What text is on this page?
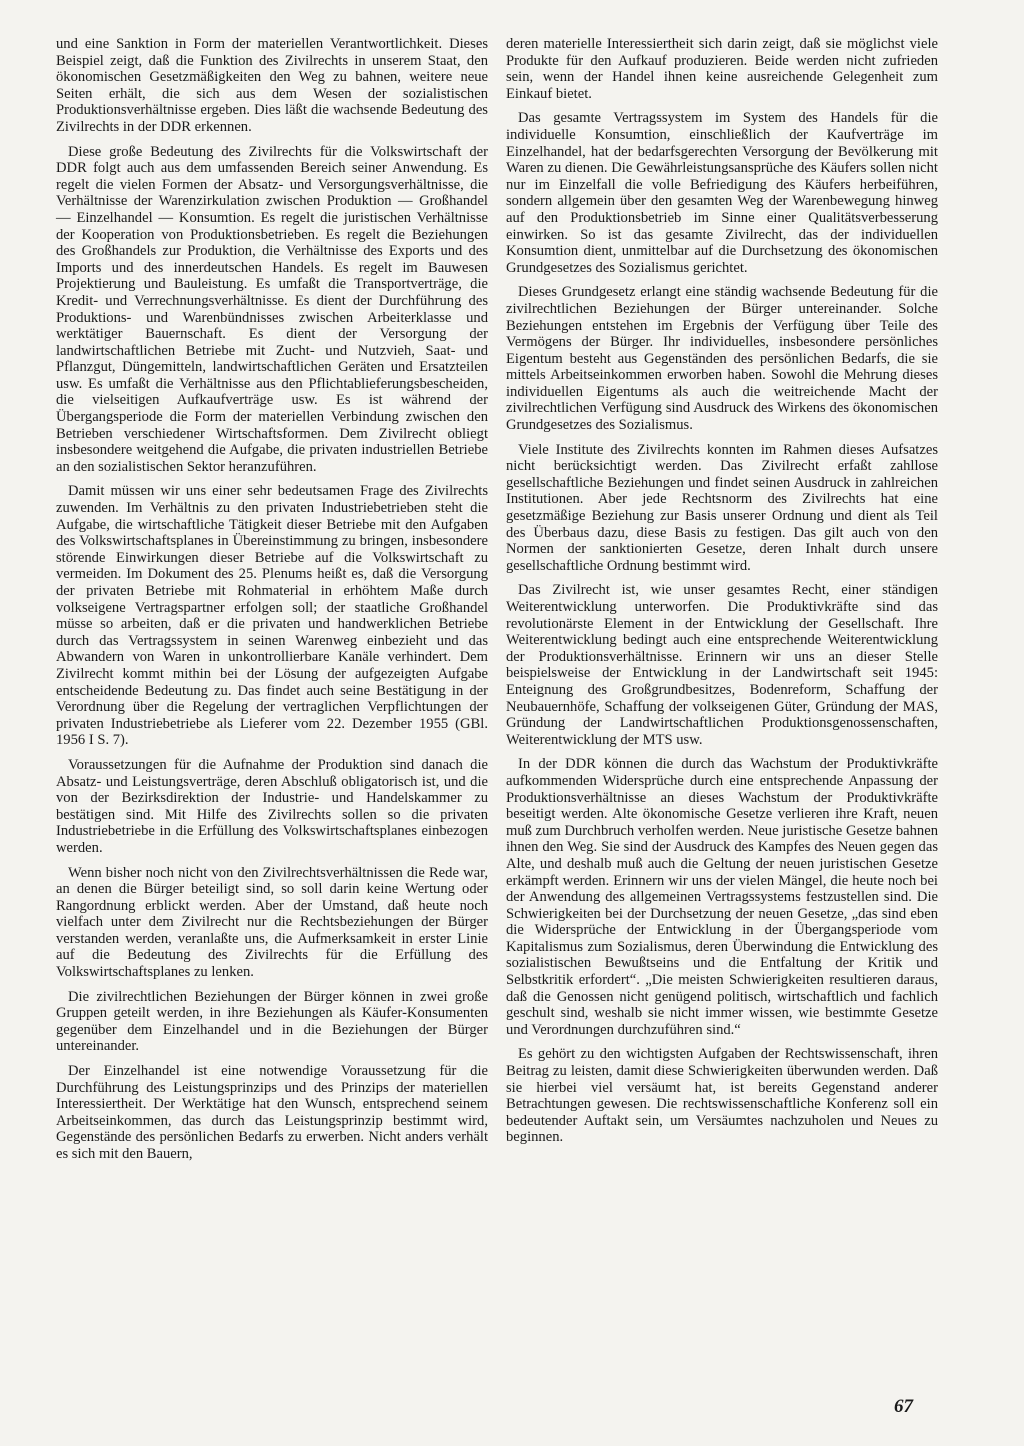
und eine Sanktion in Form der materiellen Verantwortlichkeit. Dieses Beispiel zeigt, daß die Funktion des Zivilrechts in unserem Staat, den ökonomischen Gesetzmäßigkeiten den Weg zu bahnen, weitere neue Seiten erhält, die sich aus dem Wesen der sozialistischen Produktionsverhältnisse ergeben. Dies läßt die wachsende Bedeutung des Zivilrechts in der DDR erkennen.

Diese große Bedeutung des Zivilrechts für die Volkswirtschaft der DDR folgt auch aus dem umfassenden Bereich seiner Anwendung. Es regelt die vielen Formen der Absatz- und Versorgungsverhältnisse, die Verhältnisse der Warenzirkulation zwischen Produktion — Großhandel — Einzelhandel — Konsumtion. Es regelt die juristischen Verhältnisse der Kooperation von Produktionsbetrieben. Es regelt die Beziehungen des Großhandels zur Produktion, die Verhältnisse des Exports und des Imports und des innerdeutschen Handels. Es regelt im Bauwesen Projektierung und Bauleistung. Es umfaßt die Transportverträge, die Kredit- und Verrechnungsverhältnisse. Es dient der Durchführung des Produktions- und Warenbündnisses zwischen Arbeiterklasse und werktätiger Bauernschaft. Es dient der Versorgung der landwirtschaftlichen Betriebe mit Zucht- und Nutzvieh, Saat- und Pflanzgut, Düngemitteln, landwirtschaftlichen Geräten und Ersatzteilen usw. Es umfaßt die Verhältnisse aus den Pflichtablieferungsbescheiden, die vielseitigen Aufkaufverträge usw. Es ist während der Übergangsperiode die Form der materiellen Verbindung zwischen den Betrieben verschiedener Wirtschaftsformen. Dem Zivilrecht obliegt insbesondere weitgehend die Aufgabe, die privaten industriellen Betriebe an den sozialistischen Sektor heranzuführen.

Damit müssen wir uns einer sehr bedeutsamen Frage des Zivilrechts zuwenden. Im Verhältnis zu den privaten Industriebetrieben steht die Aufgabe, die wirtschaftliche Tätigkeit dieser Betriebe mit den Aufgaben des Volkswirtschaftsplanes in Übereinstimmung zu bringen, insbesondere störende Einwirkungen dieser Betriebe auf die Volkswirtschaft zu vermeiden. Im Dokument des 25. Plenums heißt es, daß die Versorgung der privaten Betriebe mit Rohmaterial in erhöhtem Maße durch volkseigene Vertragspartner erfolgen soll; der staatliche Großhandel müsse so arbeiten, daß er die privaten und handwerklichen Betriebe durch das Vertragssystem in seinen Warenweg einbezieht und das Abwandern von Waren in unkontrollierbare Kanäle verhindert. Dem Zivilrecht kommt mithin bei der Lösung der aufgezeigten Aufgabe entscheidende Bedeutung zu. Das findet auch seine Bestätigung in der Verordnung über die Regelung der vertraglichen Verpflichtungen der privaten Industriebetriebe als Lieferer vom 22. Dezember 1955 (GBl. 1956 I S. 7).

Voraussetzungen für die Aufnahme der Produktion sind danach die Absatz- und Leistungsverträge, deren Abschluß obligatorisch ist, und die von der Bezirksdirektion der Industrie- und Handelskammer zu bestätigen sind. Mit Hilfe des Zivilrechts sollen so die privaten Industriebetriebe in die Erfüllung des Volkswirtschaftsplanes einbezogen werden.

Wenn bisher noch nicht von den Zivilrechtsverhältnissen die Rede war, an denen die Bürger beteiligt sind, so soll darin keine Wertung oder Rangordnung erblickt werden. Aber der Umstand, daß heute noch vielfach unter dem Zivilrecht nur die Rechtsbeziehungen der Bürger verstanden werden, veranlaßte uns, die Aufmerksamkeit in erster Linie auf die Bedeutung des Zivilrechts für die Erfüllung des Volkswirtschaftsplanes zu lenken.

Die zivilrechtlichen Beziehungen der Bürger können in zwei große Gruppen geteilt werden, in ihre Beziehungen als Käufer-Konsumenten gegenüber dem Einzelhandel und in die Beziehungen der Bürger untereinander.

Der Einzelhandel ist eine notwendige Voraussetzung für die Durchführung des Leistungsprinzips und des Prinzips der materiellen Interessiertheit. Der Werktätige hat den Wunsch, entsprechend seinem Arbeitseinkommen, das durch das Leistungsprinzip bestimmt wird, Gegenstände des persönlichen Bedarfs zu erwerben. Nicht anders verhält es sich mit den Bauern,

deren materielle Interessiertheit sich darin zeigt, daß sie möglichst viele Produkte für den Aufkauf produzieren. Beide werden nicht zufrieden sein, wenn der Handel ihnen keine ausreichende Gelegenheit zum Einkauf bietet.

Das gesamte Vertragssystem im System des Handels für die individuelle Konsumtion, einschließlich der Kaufverträge im Einzelhandel, hat der bedarfsgerechten Versorgung der Bevölkerung mit Waren zu dienen. Die Gewährleistungsansprüche des Käufers sollen nicht nur im Einzelfall die volle Befriedigung des Käufers herbeiführen, sondern allgemein über den gesamten Weg der Warenbewegung hinweg auf den Produktionsbetrieb im Sinne einer Qualitätsverbesserung einwirken. So ist das gesamte Zivilrecht, das der individuellen Konsumtion dient, unmittelbar auf die Durchsetzung des ökonomischen Grundgesetzes des Sozialismus gerichtet.

Dieses Grundgesetz erlangt eine ständig wachsende Bedeutung für die zivilrechtlichen Beziehungen der Bürger untereinander. Solche Beziehungen entstehen im Ergebnis der Verfügung über Teile des Vermögens der Bürger. Ihr individuelles, insbesondere persönliches Eigentum besteht aus Gegenständen des persönlichen Bedarfs, die sie mittels Arbeitseinkommen erworben haben. Sowohl die Mehrung dieses individuellen Eigentums als auch die weitreichende Macht der zivilrechtlichen Verfügung sind Ausdruck des Wirkens des ökonomischen Grundgesetzes des Sozialismus.

Viele Institute des Zivilrechts konnten im Rahmen dieses Aufsatzes nicht berücksichtigt werden. Das Zivilrecht erfaßt zahllose gesellschaftliche Beziehungen und findet seinen Ausdruck in zahlreichen Institutionen. Aber jede Rechtsnorm des Zivilrechts hat eine gesetzmäßige Beziehung zur Basis unserer Ordnung und dient als Teil des Überbaus dazu, diese Basis zu festigen. Das gilt auch von den Normen der sanktionierten Gesetze, deren Inhalt durch unsere gesellschaftliche Ordnung bestimmt wird.

Das Zivilrecht ist, wie unser gesamtes Recht, einer ständigen Weiterentwicklung unterworfen. Die Produktivkräfte sind das revolutionärste Element in der Entwicklung der Gesellschaft. Ihre Weiterentwicklung bedingt auch eine entsprechende Weiterentwicklung der Produktionsverhältnisse. Erinnern wir uns an dieser Stelle beispielsweise der Entwicklung in der Landwirtschaft seit 1945: Enteignung des Großgrundbesitzes, Bodenreform, Schaffung der Neubauernhöfe, Schaffung der volkseigenen Güter, Gründung der MAS, Gründung der Landwirtschaftlichen Produktionsgenossenschaften, Weiterentwicklung der MTS usw.

In der DDR können die durch das Wachstum der Produktivkräfte aufkommenden Widersprüche durch eine entsprechende Anpassung der Produktionsverhältnisse an dieses Wachstum der Produktivkräfte beseitigt werden. Alte ökonomische Gesetze verlieren ihre Kraft, neuen muß zum Durchbruch verholfen werden. Neue juristische Gesetze bahnen ihnen den Weg. Sie sind der Ausdruck des Kampfes des Neuen gegen das Alte, und deshalb muß auch die Geltung der neuen juristischen Gesetze erkämpft werden. Erinnern wir uns der vielen Mängel, die heute noch bei der Anwendung des allgemeinen Vertragssystems festzustellen sind. Die Schwierigkeiten bei der Durchsetzung der neuen Gesetze, „das sind eben die Widersprüche der Entwicklung in der Übergangsperiode vom Kapitalismus zum Sozialismus, deren Überwindung die Entwicklung des sozialistischen Bewußtseins und die Entfaltung der Kritik und Selbstkritik erfordert“. „Die meisten Schwierigkeiten resultieren daraus, daß die Genossen nicht genügend politisch, wirtschaftlich und fachlich geschult sind, weshalb sie nicht immer wissen, wie bestimmte Gesetze und Verordnungen durchzuführen sind.“

Es gehört zu den wichtigsten Aufgaben der Rechtswissenschaft, ihren Beitrag zu leisten, damit diese Schwierigkeiten überwunden werden. Daß sie hierbei viel versäumt hat, ist bereits Gegenstand anderer Betrachtungen gewesen. Die rechtswissenschaftliche Konferenz soll ein bedeutender Auftakt sein, um Versäumtes nachzuholen und Neues zu beginnen.

67
